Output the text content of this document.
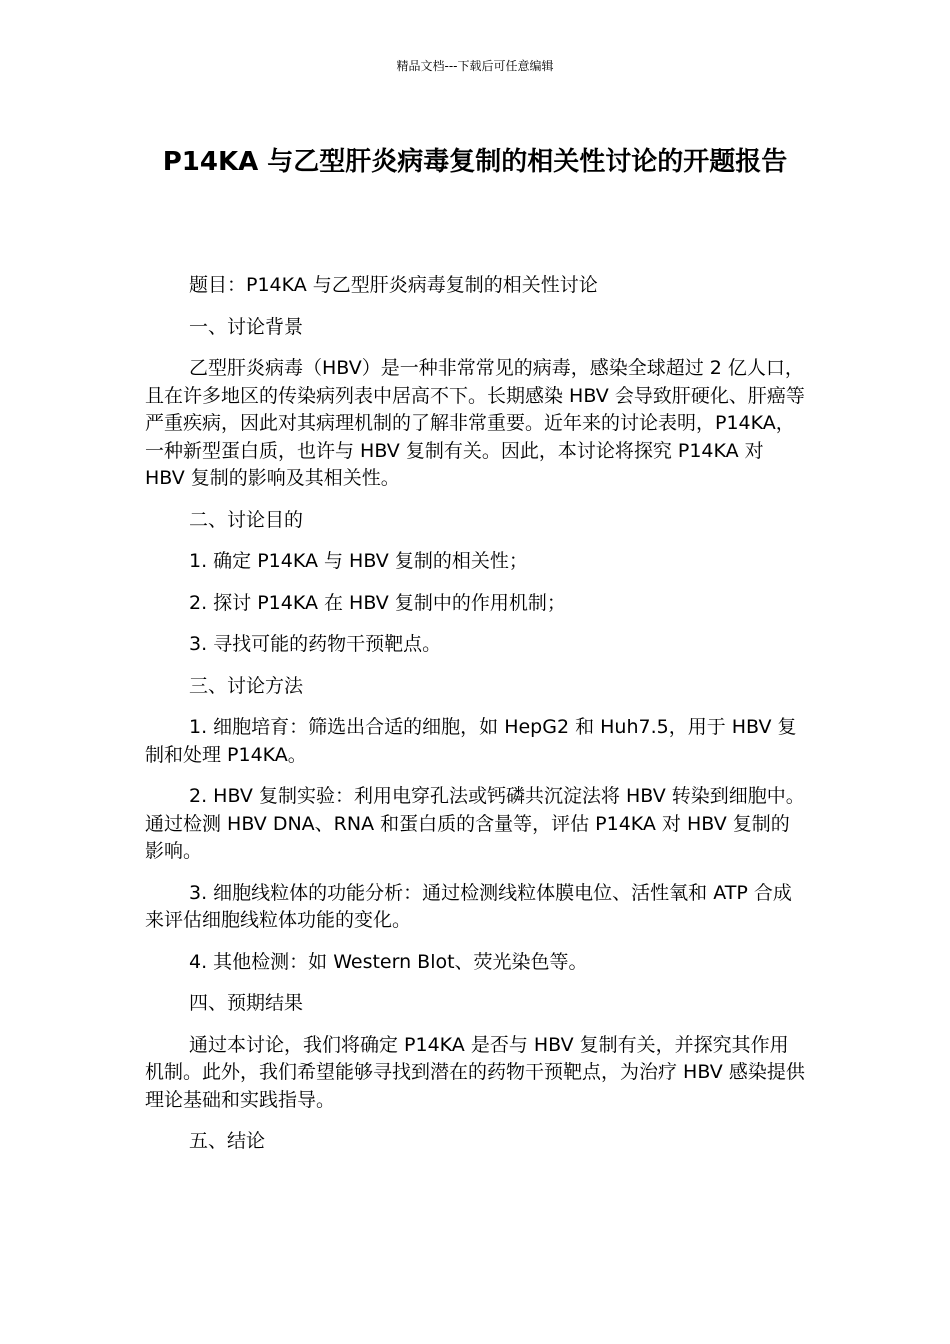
精品文档---下载后可任意编辑
P14KA 与乙型肝炎病毒复制的相关性讨论的开题报告

题目：P14KA 与乙型肝炎病毒复制的相关性讨论

一、讨论背景

乙型肝炎病毒（HBV）是一种非常常见的病毒，感染全球超过 2 亿人口，且在许多地区的传染病列表中居高不下。长期感染 HBV 会导致肝硬化、肝癌等严重疾病，因此对其病理机制的了解非常重要。近年来的讨论表明，P14KA，一种新型蛋白质，也许与 HBV 复制有关。因此，本讨论将探究 P14KA 对 HBV 复制的影响及其相关性。

二、讨论目的

1. 确定 P14KA 与 HBV 复制的相关性；

2. 探讨 P14KA 在 HBV 复制中的作用机制；

3. 寻找可能的药物干预靶点。

三、讨论方法

1. 细胞培育：筛选出合适的细胞，如 HepG2 和 Huh7.5，用于 HBV 复制和处理 P14KA。

2. HBV 复制实验：利用电穿孔法或钙磷共沉淀法将 HBV 转染到细胞中。通过检测 HBV DNA、RNA 和蛋白质的含量等，评估 P14KA 对 HBV 复制的影响。

3. 细胞线粒体的功能分析：通过检测线粒体膜电位、活性氧和 ATP 合成来评估细胞线粒体功能的变化。

4. 其他检测：如 Western Blot、荧光染色等。

四、预期结果

通过本讨论，我们将确定 P14KA 是否与 HBV 复制有关，并探究其作用机制。此外，我们希望能够寻找到潜在的药物干预靶点，为治疗 HBV 感染提供理论基础和实践指导。

五、结论
